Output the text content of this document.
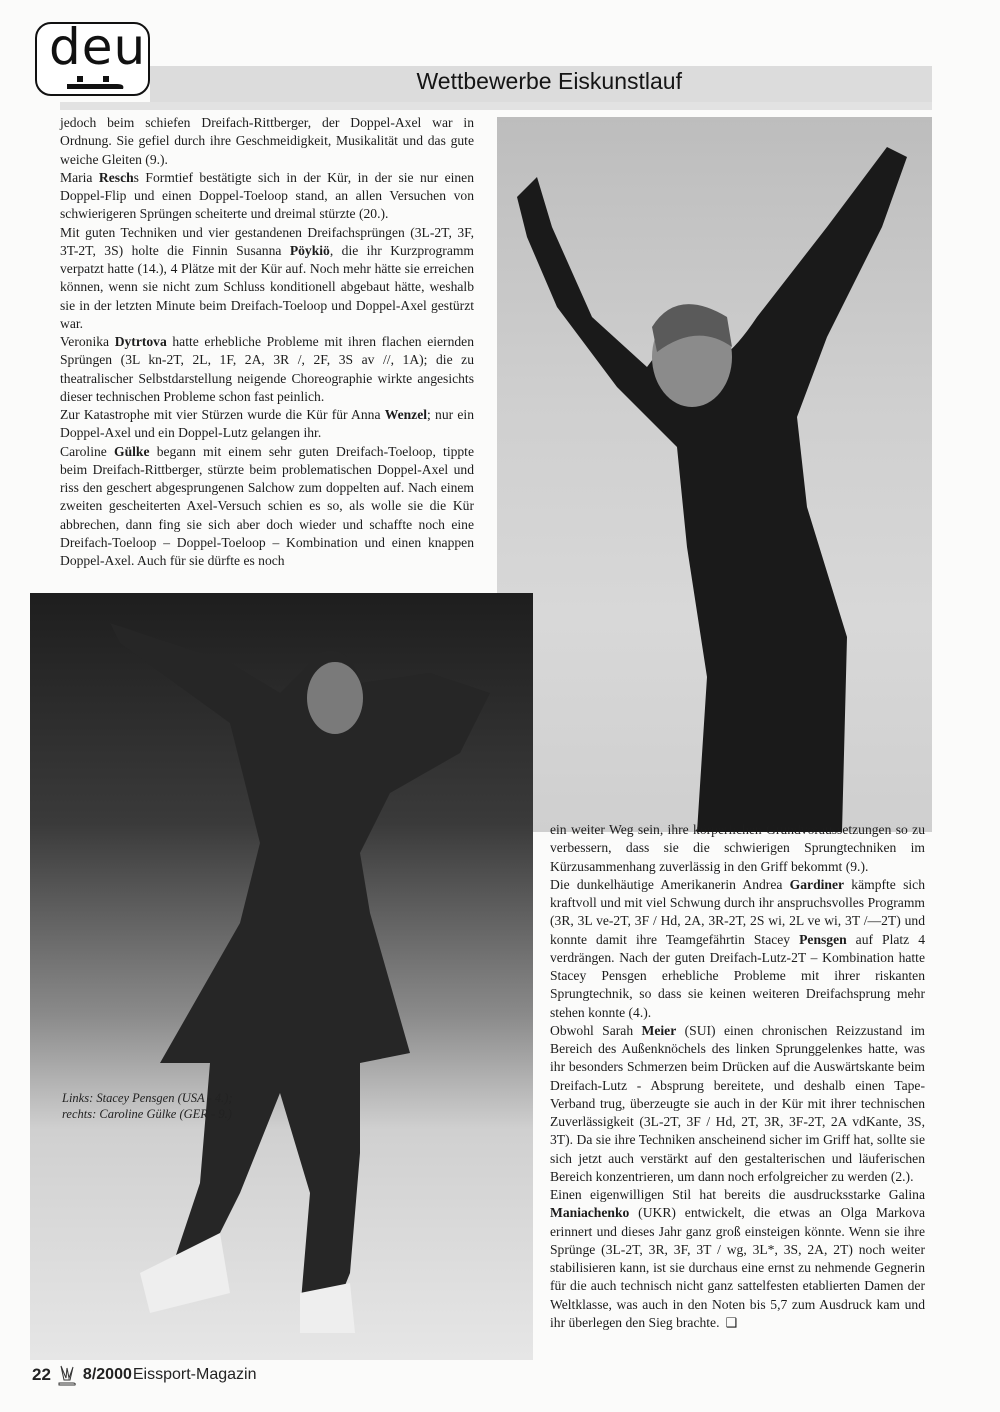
deu
Wettbewerbe Eiskunstlauf

jedoch beim schiefen Dreifach-Rittberger, der Doppel-Axel war in Ordnung. Sie gefiel durch ihre Geschmeidigkeit, Musikalität und das gute weiche Gleiten (9.).

Maria Reschs Formtief bestätigte sich in der Kür, in der sie nur einen Doppel-Flip und einen Doppel-Toeloop stand, an allen Versuchen von schwierigeren Sprüngen scheiterte und dreimal stürzte (20.).

Mit guten Techniken und vier gestandenen Dreifachsprüngen (3L-2T, 3F, 3T-2T, 3S) holte die Finnin Susanna Pöykiö, die ihr Kurzprogramm verpatzt hatte (14.), 4 Plätze mit der Kür auf. Noch mehr hätte sie erreichen können, wenn sie nicht zum Schluss konditionell abgebaut hätte, weshalb sie in der letzten Minute beim Dreifach-Toeloop und Doppel-Axel gestürzt war.

Veronika Dytrtova hatte erhebliche Probleme mit ihren flachen eiernden Sprüngen (3L kn-2T, 2L, 1F, 2A, 3R /, 2F, 3S av //, 1A); die zu theatralischer Selbstdarstellung neigende Choreographie wirkte angesichts dieser technischen Probleme schon fast peinlich.

Zur Katastrophe mit vier Stürzen wurde die Kür für Anna Wenzel; nur ein Doppel-Axel und ein Doppel-Lutz gelangen ihr.

Caroline Gülke begann mit einem sehr guten Dreifach-Toeloop, tippte beim Dreifach-Rittberger, stürzte beim problematischen Doppel-Axel und riss den geschert abgesprungenen Salchow zum doppelten auf. Nach einem zweiten gescheiterten Axel-Versuch schien es so, als wolle sie die Kür abbrechen, dann fing sie sich aber doch wieder und schaffte noch eine Dreifach-Toeloop – Doppel-Toeloop – Kombination und einen knappen Doppel-Axel. Auch für sie dürfte es noch

Links: Stacey Pensgen (USA - 4.);
rechts: Caroline Gülke (GER - 9.)

ein weiter Weg sein, ihre körperlichen Grundvoraussetzungen so zu verbessern, dass sie die schwierigen Sprungtechniken im Kürzusammenhang zuverlässig in den Griff bekommt (9.).

Die dunkelhäutige Amerikanerin Andrea Gardiner kämpfte sich kraftvoll und mit viel Schwung durch ihr anspruchsvolles Programm (3R, 3L ve-2T, 3F / Hd, 2A, 3R-2T, 2S wi, 2L ve wi, 3T /—2T) und konnte damit ihre Teamgefährtin Stacey Pensgen auf Platz 4 verdrängen. Nach der guten Dreifach-Lutz-2T – Kombination hatte Stacey Pensgen erhebliche Probleme mit ihrer riskanten Sprungtechnik, so dass sie keinen weiteren Dreifachsprung mehr stehen konnte (4.).

Obwohl Sarah Meier (SUI) einen chronischen Reizzustand im Bereich des Außenknöchels des linken Sprunggelenkes hatte, was ihr besonders Schmerzen beim Drücken auf die Auswärtskante beim Dreifach-Lutz - Absprung bereitete, und deshalb einen Tape-Verband trug, überzeugte sie auch in der Kür mit ihrer technischen Zuverlässigkeit (3L-2T, 3F / Hd, 2T, 3R, 3F-2T, 2A vdKante, 3S, 3T). Da sie ihre Techniken anscheinend sicher im Griff hat, sollte sie sich jetzt auch verstärkt auf den gestalterischen und läuferischen Bereich konzentrieren, um dann noch erfolgreicher zu werden (2.).

Einen eigenwilligen Stil hat bereits die ausdrucksstarke Galina Maniachenko (UKR) entwickelt, die etwas an Olga Markova erinnert und dieses Jahr ganz groß einsteigen könnte. Wenn sie ihre Sprünge (3L-2T, 3R, 3F, 3T / wg, 3L*, 3S, 2A, 2T) noch weiter stabilisieren kann, ist sie durchaus eine ernst zu nehmende Gegnerin für die auch technisch nicht ganz sattelfesten etablierten Damen der Weltklasse, was auch in den Noten bis 5,7 zum Ausdruck kam und ihr überlegen den Sieg brachte. ❑

22 8/2000 Eissport-Magazin
